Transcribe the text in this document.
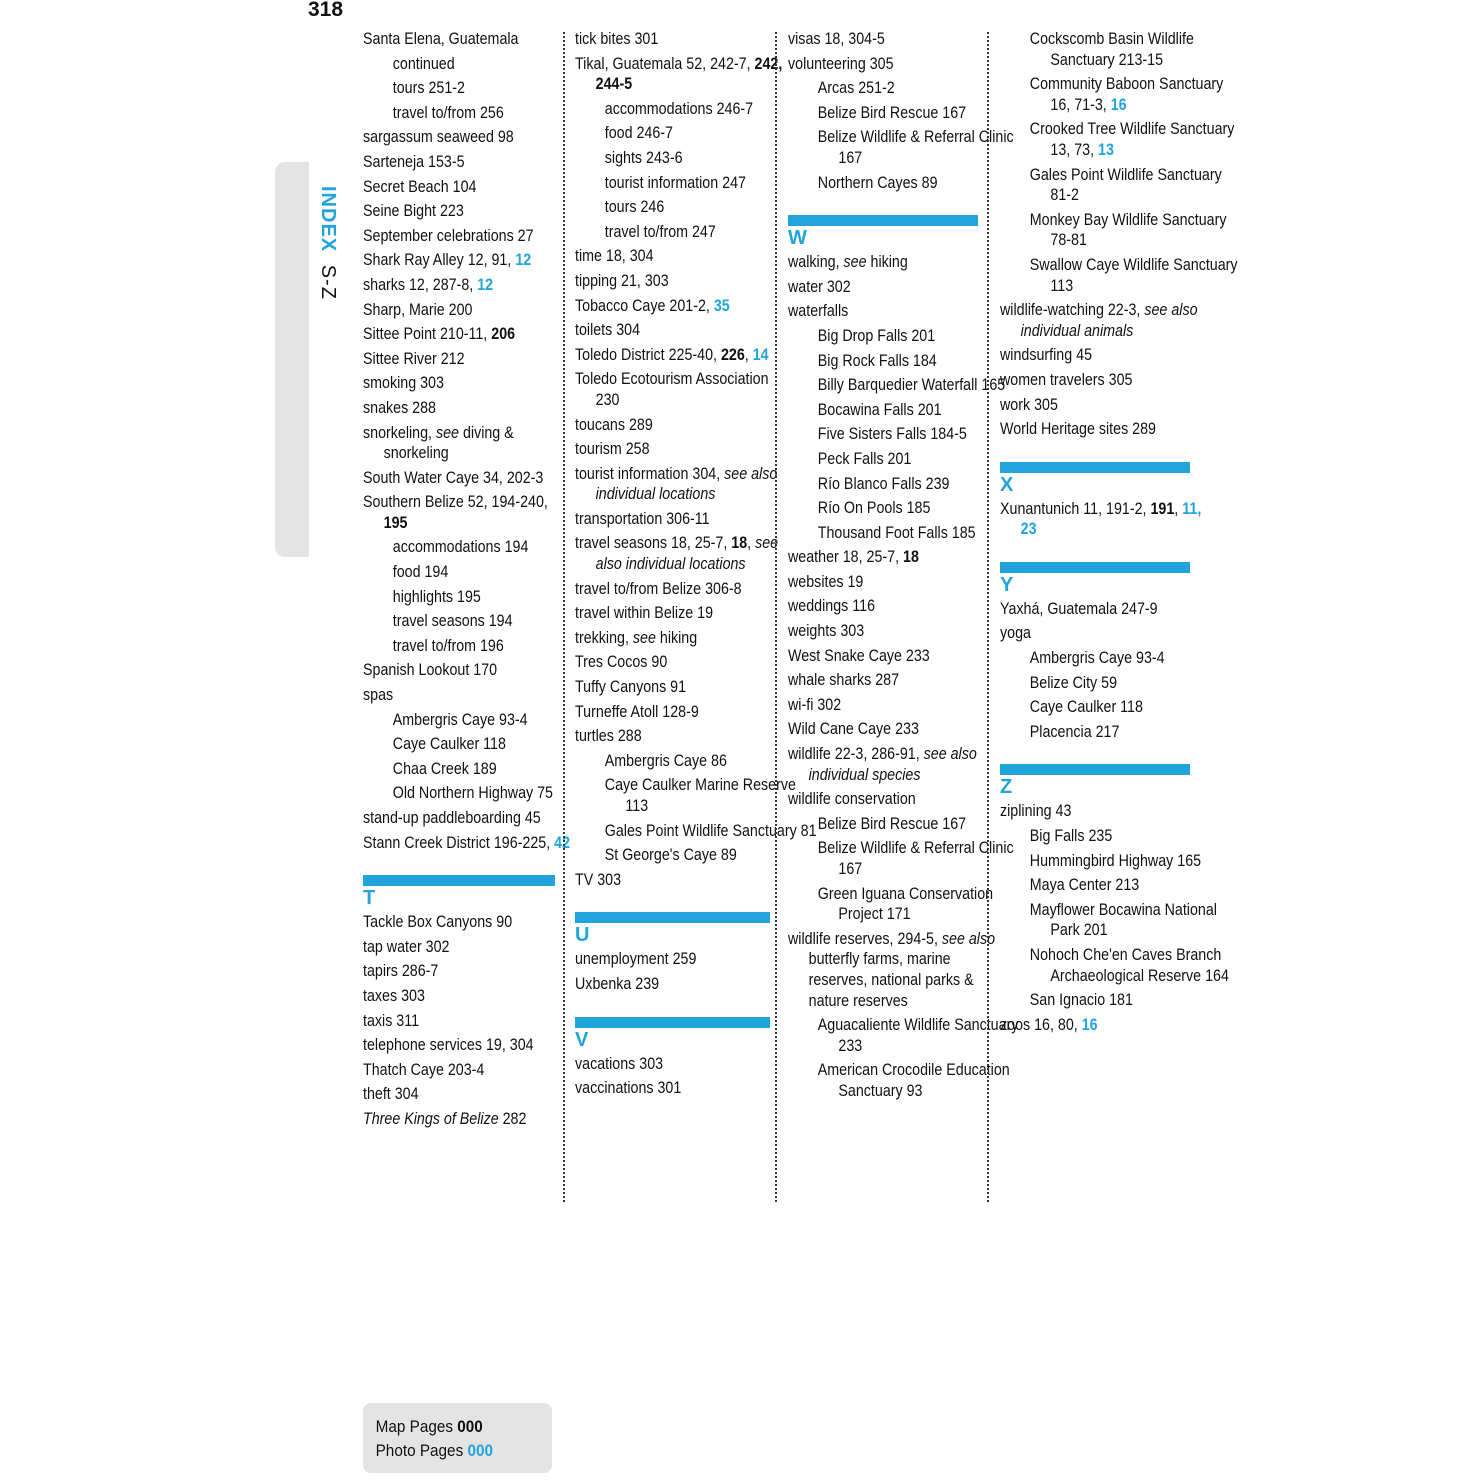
318
INDEX S-Z
Santa Elena, Guatemala
continued
tours 251-2
travel to/from 256
sargassum seaweed 98
Sarteneja 153-5
Secret Beach 104
Seine Bight 223
September celebrations 27
Shark Ray Alley 12, 91, 12
sharks 12, 287-8, 12
Sharp, Marie 200
Sittee Point 210-11, 206
Sittee River 212
smoking 303
snakes 288
snorkeling, see diving & snorkeling
South Water Caye 34, 202-3
Southern Belize 52, 194-240, 195
accommodations 194
food 194
highlights 195
travel seasons 194
travel to/from 196
Spanish Lookout 170
spas
Ambergris Caye 93-4
Caye Caulker 118
Chaa Creek 189
Old Northern Highway 75
stand-up paddleboarding 45
Stann Creek District 196-225, 42
T
Tackle Box Canyons 90
tap water 302
tapirs 286-7
taxes 303
taxis 311
telephone services 19, 304
Thatch Caye 203-4
theft 304
Three Kings of Belize 282
tick bites 301
Tikal, Guatemala 52, 242-7, 242, 244-5
accommodations 246-7
food 246-7
sights 243-6
tourist information 247
tours 246
travel to/from 247
time 18, 304
tipping 21, 303
Tobacco Caye 201-2, 35
toilets 304
Toledo District 225-40, 226, 14
Toledo Ecotourism Association 230
toucans 289
tourism 258
tourist information 304, see also individual locations
transportation 306-11
travel seasons 18, 25-7, 18, see also individual locations
travel to/from Belize 306-8
travel within Belize 19
trekking, see hiking
Tres Cocos 90
Tuffy Canyons 91
Turneffe Atoll 128-9
turtles 288
Ambergris Caye 86
Caye Caulker Marine Reserve 113
Gales Point Wildlife Sanctuary 81
St George's Caye 89
TV 303
U
unemployment 259
Uxbenka 239
V
vacations 303
vaccinations 301
visas 18, 304-5
volunteering 305
Arcas 251-2
Belize Bird Rescue 167
Belize Wildlife & Referral Clinic 167
Northern Cayes 89
W
walking, see hiking
water 302
waterfalls
Big Drop Falls 201
Big Rock Falls 184
Billy Barquedier Waterfall 165
Bocawina Falls 201
Five Sisters Falls 184-5
Peck Falls 201
Río Blanco Falls 239
Río On Pools 185
Thousand Foot Falls 185
weather 18, 25-7, 18
websites 19
weddings 116
weights 303
West Snake Caye 233
whale sharks 287
wi-fi 302
Wild Cane Caye 233
wildlife 22-3, 286-91, see also individual species
wildlife conservation
Belize Bird Rescue 167
Belize Wildlife & Referral Clinic 167
Green Iguana Conservation Project 171
wildlife reserves, 294-5, see also butterfly farms, marine reserves, national parks & nature reserves
Aguacaliente Wildlife Sanctuary 233
American Crocodile Education Sanctuary 93
Cockscomb Basin Wildlife Sanctuary 213-15
Community Baboon Sanctuary 16, 71-3, 16
Crooked Tree Wildlife Sanctuary 13, 73, 13
Gales Point Wildlife Sanctuary 81-2
Monkey Bay Wildlife Sanctuary 78-81
Swallow Caye Wildlife Sanctuary 113
wildlife-watching 22-3, see also individual animals
windsurfing 45
women travelers 305
work 305
World Heritage sites 289
X
Xunantunich 11, 191-2, 191, 11, 23
Y
Yaxhá, Guatemala 247-9
yoga
Ambergris Caye 93-4
Belize City 59
Caye Caulker 118
Placencia 217
Z
ziplining 43
Big Falls 235
Hummingbird Highway 165
Maya Center 213
Mayflower Bocawina National Park 201
Nohoch Che'en Caves Branch Archaeological Reserve 164
San Ignacio 181
zoos 16, 80, 16
Map Pages 000
Photo Pages 000
